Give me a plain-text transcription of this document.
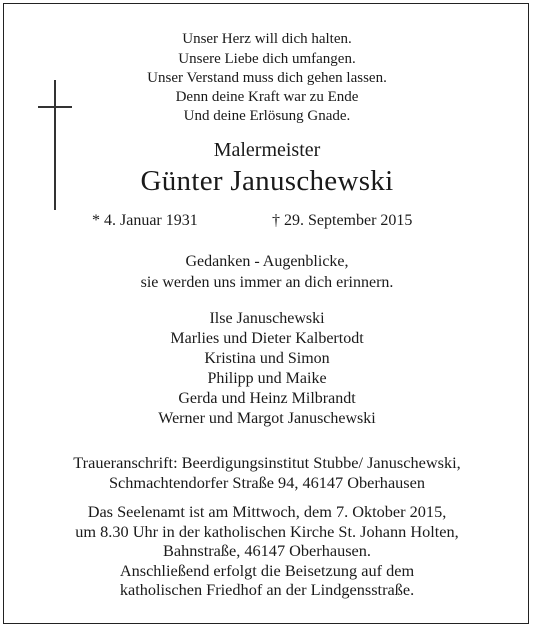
Unser Herz will dich halten.
Unsere Liebe dich umfangen.
Unser Verstand muss dich gehen lassen.
Denn deine Kraft war zu Ende
Und deine Erlösung Gnade.
Malermeister
Günter Januschewski
* 4. Januar 1931	† 29. September 2015
Gedanken - Augenblicke,
sie werden uns immer an dich erinnern.
Ilse Januschewski
Marlies und Dieter Kalbertodt
Kristina und Simon
Philipp und Maike
Gerda und Heinz Milbrandt
Werner und Margot Januschewski
Traueranschrift: Beerdigungsinstitut Stubbe/ Januschewski,
Schmachtendorfer Straße 94, 46147 Oberhausen
Das Seelenamt ist am Mittwoch, dem 7. Oktober 2015,
um 8.30 Uhr in der katholischen Kirche St. Johann Holten,
Bahnstraße, 46147 Oberhausen.
Anschließend erfolgt die Beisetzung auf dem
katholischen Friedhof an der Lindgensstraße.
